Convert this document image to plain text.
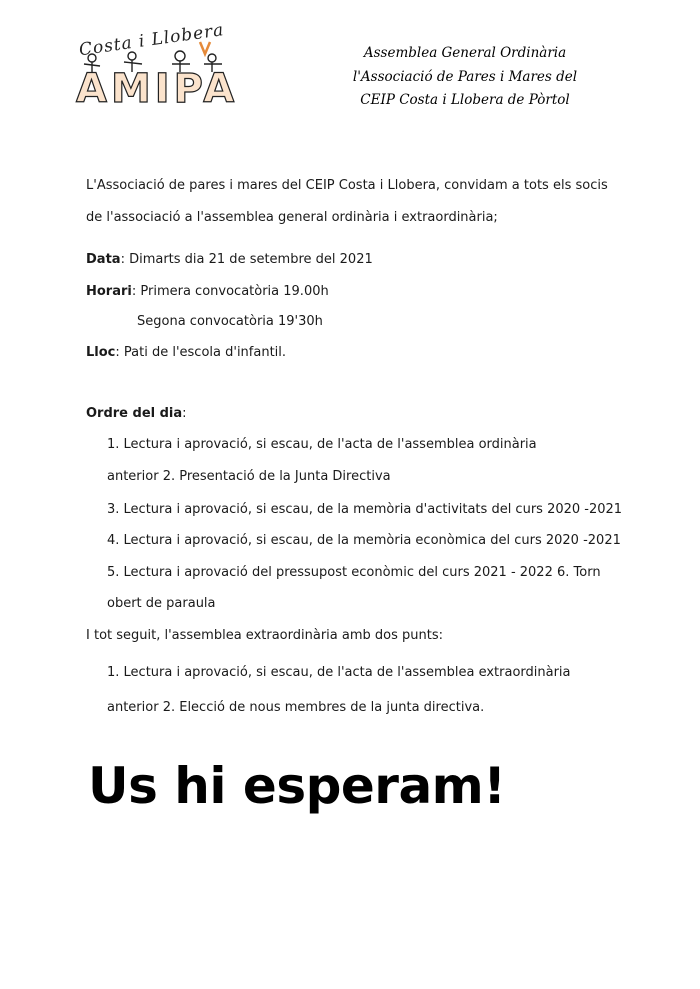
Costa i Llobera
AMIPA
Assemblea General Ordinària
l'Associació de Pares i Mares del
CEIP Costa i Llobera de Pòrtol
L'Associació de pares i mares del CEIP Costa i Llobera, convidam a tots els socis
de l'associació a l'assemblea general ordinària i extraordinària;
Data: Dimarts dia 21 de setembre del 2021
Horari: Primera convocatòria 19.00h
Segona convocatòria 19'30h
Lloc: Pati de l'escola d'infantil.
Ordre del dia:
1. Lectura i aprovació, si escau, de l'acta de l'assemblea ordinària
anterior 2. Presentació de la Junta Directiva
3. Lectura i aprovació, si escau, de la memòria d'activitats del curs 2020 -2021
4. Lectura i aprovació, si escau, de la memòria econòmica del curs 2020 -2021
5. Lectura i aprovació del pressupost econòmic del curs 2021 - 2022 6. Torn
obert de paraula
I tot seguit, l'assemblea extraordinària amb dos punts:
1. Lectura i aprovació, si escau, de l'acta de l'assemblea extraordinària
anterior 2. Elecció de nous membres de la junta directiva.
Us hi esperam!
